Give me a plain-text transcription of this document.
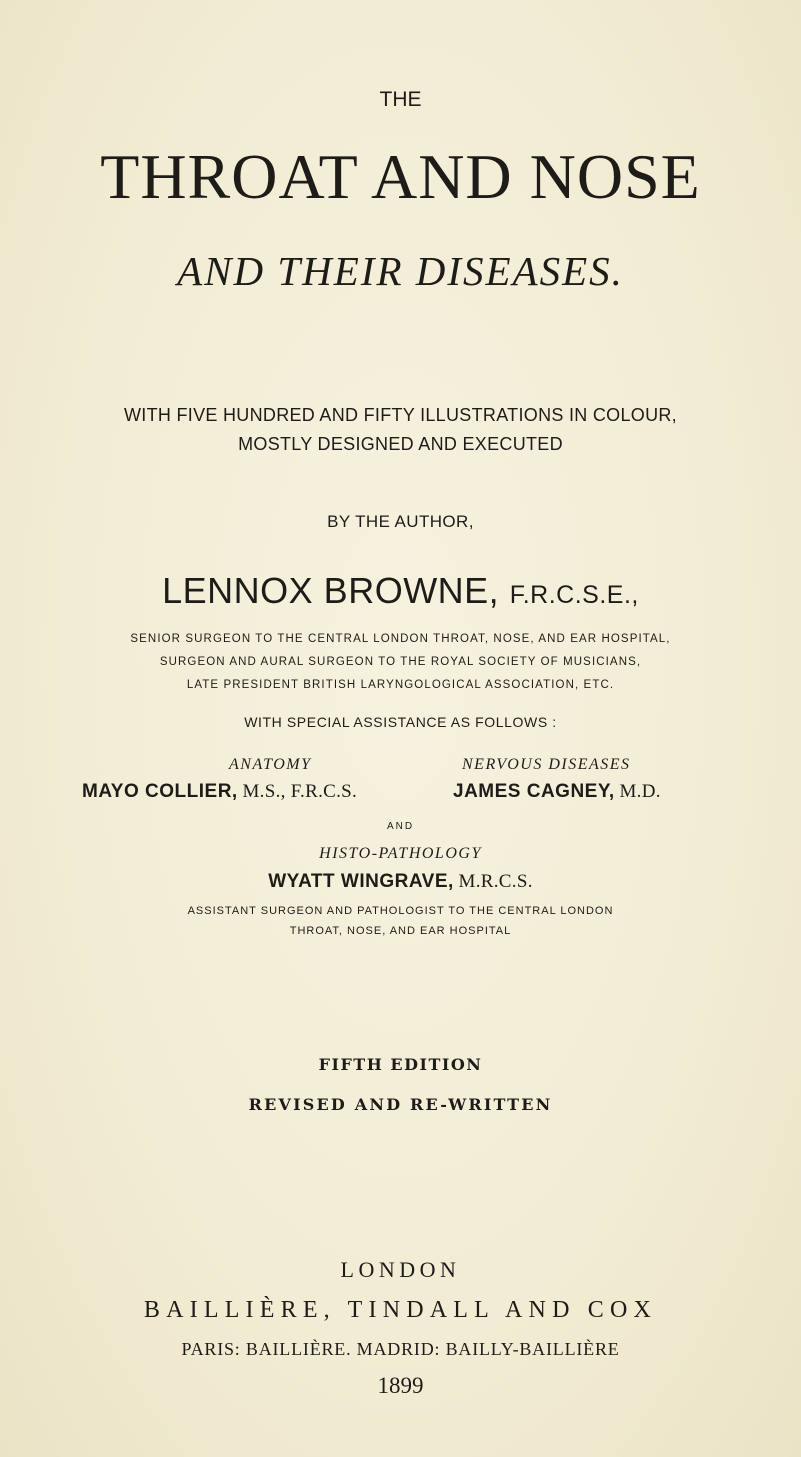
THE
THROAT AND NOSE
AND THEIR DISEASES.
WITH FIVE HUNDRED AND FIFTY ILLUSTRATIONS IN COLOUR,
MOSTLY DESIGNED AND EXECUTED
BY THE AUTHOR,
LENNOX BROWNE, F.R.C.S.E.,
SENIOR SURGEON TO THE CENTRAL LONDON THROAT, NOSE, AND EAR HOSPITAL,
SURGEON AND AURAL SURGEON TO THE ROYAL SOCIETY OF MUSICIANS,
LATE PRESIDENT BRITISH LARYNGOLOGICAL ASSOCIATION, ETC.
WITH SPECIAL ASSISTANCE AS FOLLOWS :
ANATOMY	NERVOUS DISEASES
MAYO COLLIER, M.S., F.R.C.S.	JAMES CAGNEY, M.D.
AND
HISTO-PATHOLOGY
WYATT WINGRAVE, M.R.C.S.
ASSISTANT SURGEON AND PATHOLOGIST TO THE CENTRAL LONDON
THROAT, NOSE, AND EAR HOSPITAL
FIFTH EDITION
REVISED AND RE-WRITTEN
LONDON
BAILLIÈRE, TINDALL AND COX
PARIS: BAILLIÈRE. MADRID: BAILLY-BAILLIÈRE
1899
